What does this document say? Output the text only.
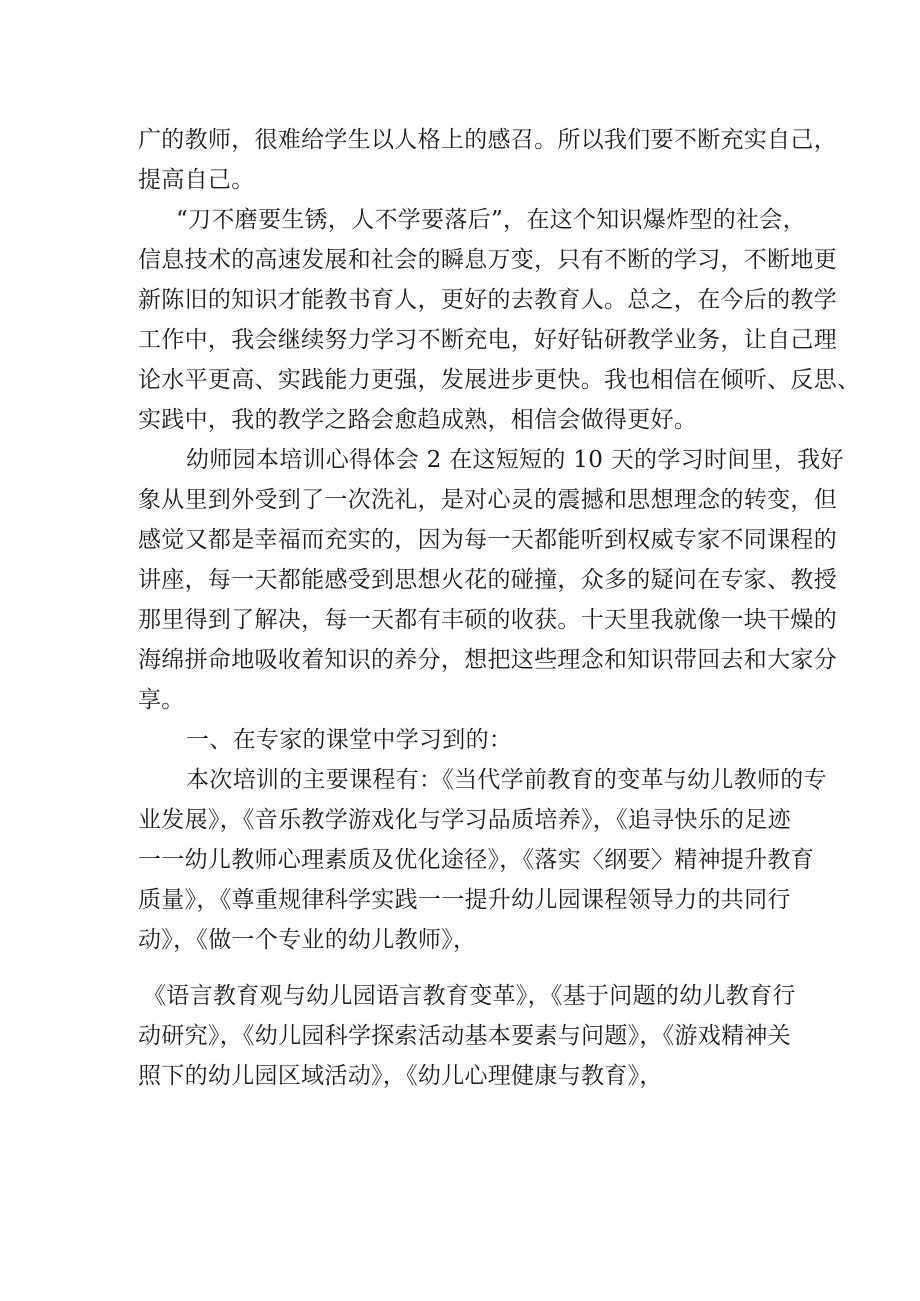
广的教师，很难给学生以人格上的感召。所以我们要不断充实自己，
提高自己。
“刀不磨要生锈，人不学要落后”，在这个知识爆炸型的社会，
信息技术的高速发展和社会的瞬息万变，只有不断的学习，不断地更
新陈旧的知识才能教书育人，更好的去教育人。总之，在今后的教学
工作中，我会继续努力学习不断充电，好好钻研教学业务，让自己理
论水平更高、实践能力更强，发展进步更快。我也相信在倾听、反思、
实践中，我的教学之路会愈趋成熟，相信会做得更好。
幼师园本培训心得体会 2 在这短短的 10 天的学习时间里，我好
象从里到外受到了一次洗礼，是对心灵的震撼和思想理念的转变，但
感觉又都是幸福而充实的，因为每一天都能听到权威专家不同课程的
讲座，每一天都能感受到思想火花的碰撞，众多的疑问在专家、教授
那里得到了解决，每一天都有丰硕的收获。十天里我就像一块干燥的
海绵拼命地吸收着知识的养分，想把这些理念和知识带回去和大家分
享。
一、在专家的课堂中学习到的：
本次培训的主要课程有：《当代学前教育的变革与幼儿教师的专
业发展》，《音乐教学游戏化与学习品质培养》，《追寻快乐的足迹
一一幼儿教师心理素质及优化途径》，《落实〈纲要〉精神提升教育
质量》，《尊重规律科学实践一一提升幼儿园课程领导力的共同行
动》，《做一个专业的幼儿教师》，
《语言教育观与幼儿园语言教育变革》，《基于问题的幼儿教育行
动研究》，《幼儿园科学探索活动基本要素与问题》，《游戏精神关
照下的幼儿园区域活动》，《幼儿心理健康与教育》，
